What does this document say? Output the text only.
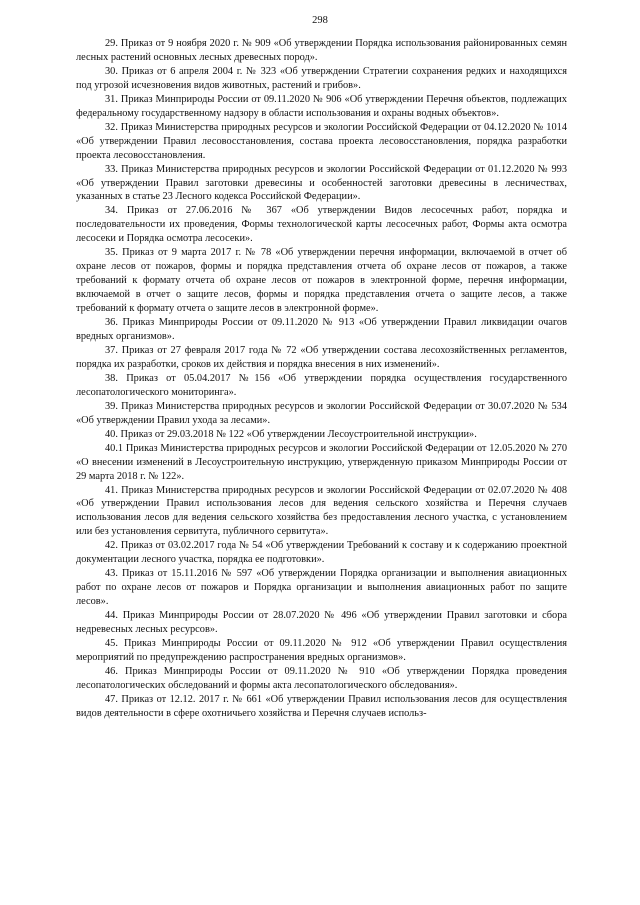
298

29. Приказ от 9 ноября 2020 г. № 909 «Об утверждении Порядка использования районированных семян лесных растений основных лесных древесных пород».

30. Приказ от 6 апреля 2004 г. № 323 «Об утверждении Стратегии сохранения редких и находящихся под угрозой исчезновения видов животных, растений и грибов».

31. Приказ Минприроды России от 09.11.2020 № 906 «Об утверждении Перечня объектов, подлежащих федеральному государственному надзору в области использования и охраны водных объектов».

32. Приказ Министерства природных ресурсов и экологии Российской Федерации от 04.12.2020 № 1014 «Об утверждении Правил лесовосстановления, состава проекта лесовосстановления, порядка разработки проекта лесовосстановления.

33. Приказ Министерства природных ресурсов и экологии Российской Федерации от 01.12.2020 № 993 «Об утверждении Правил заготовки древесины и особенностей заготовки древесины в лесничествах, указанных в статье 23 Лесного кодекса Российской Федерации».

34. Приказ от 27.06.2016 № 367 «Об утверждении Видов лесосечных работ, порядка и последовательности их проведения, Формы технологической карты лесосечных работ, Формы акта осмотра лесосеки и Порядка осмотра лесосеки».

35. Приказ от 9 марта 2017 г. № 78 «Об утверждении перечня информации, включаемой в отчет об охране лесов от пожаров, формы и порядка представления отчета об охране лесов от пожаров, а также требований к формату отчета об охране лесов от пожаров в электронной форме, перечня информации, включаемой в отчет о защите лесов, формы и порядка представления отчета о защите лесов, а также требований к формату отчета о защите лесов в электронной форме».

36. Приказ Минприроды России от 09.11.2020 № 913 «Об утверждении Правил ликвидации очагов вредных организмов».

37. Приказ от 27 февраля 2017 года № 72 «Об утверждении состава лесохозяйственных регламентов, порядка их разработки, сроков их действия и порядка внесения в них изменений».

38. Приказ от 05.04.2017 №156 «Об утверждении порядка осуществления государственного лесопатологического мониторинга».

39. Приказ Министерства природных ресурсов и экологии Российской Федерации от 30.07.2020 № 534 «Об утверждении Правил ухода за лесами».

40. Приказ от 29.03.2018 № 122 «Об утверждении Лесоустроительной инструкции».

40.1 Приказ Министерства природных ресурсов и экологии Российской Федерации от 12.05.2020 № 270 «О внесении изменений в Лесоустроительную инструкцию, утвержденную приказом Минприроды России от 29 марта 2018 г. № 122».

41. Приказ Министерства природных ресурсов и экологии Российской Федерации от 02.07.2020 № 408 «Об утверждении Правил использования лесов для ведения сельского хозяйства и Перечня случаев использования лесов для ведения сельского хозяйства без предоставления лесного участка, с установлением или без установления сервитута, публичного сервитута».

42. Приказ от 03.02.2017 года № 54 «Об утверждении Требований к составу и к содержанию проектной документации лесного участка, порядка ее подготовки».

43. Приказ от 15.11.2016 № 597 «Об утверждении Порядка организации и выполнения авиационных работ по охране лесов от пожаров и Порядка организации и выполнения авиационных работ по защите лесов».

44. Приказ Минприроды России от 28.07.2020 № 496 «Об утверждении Правил заготовки и сбора недревесных лесных ресурсов».

45. Приказ Минприроды России от 09.11.2020 № 912 «Об утверждении Правил осуществления мероприятий по предупреждению распространения вредных организмов».

46. Приказ Минприроды России от 09.11.2020 № 910 «Об утверждении Порядка проведения лесопатологических обследований и формы акта лесопатологического обследования».

47. Приказ от 12.12. 2017 г. № 661 «Об утверждении Правил использования лесов для осуществления видов деятельности в сфере охотничьего хозяйства и Перечня случаев использ-
